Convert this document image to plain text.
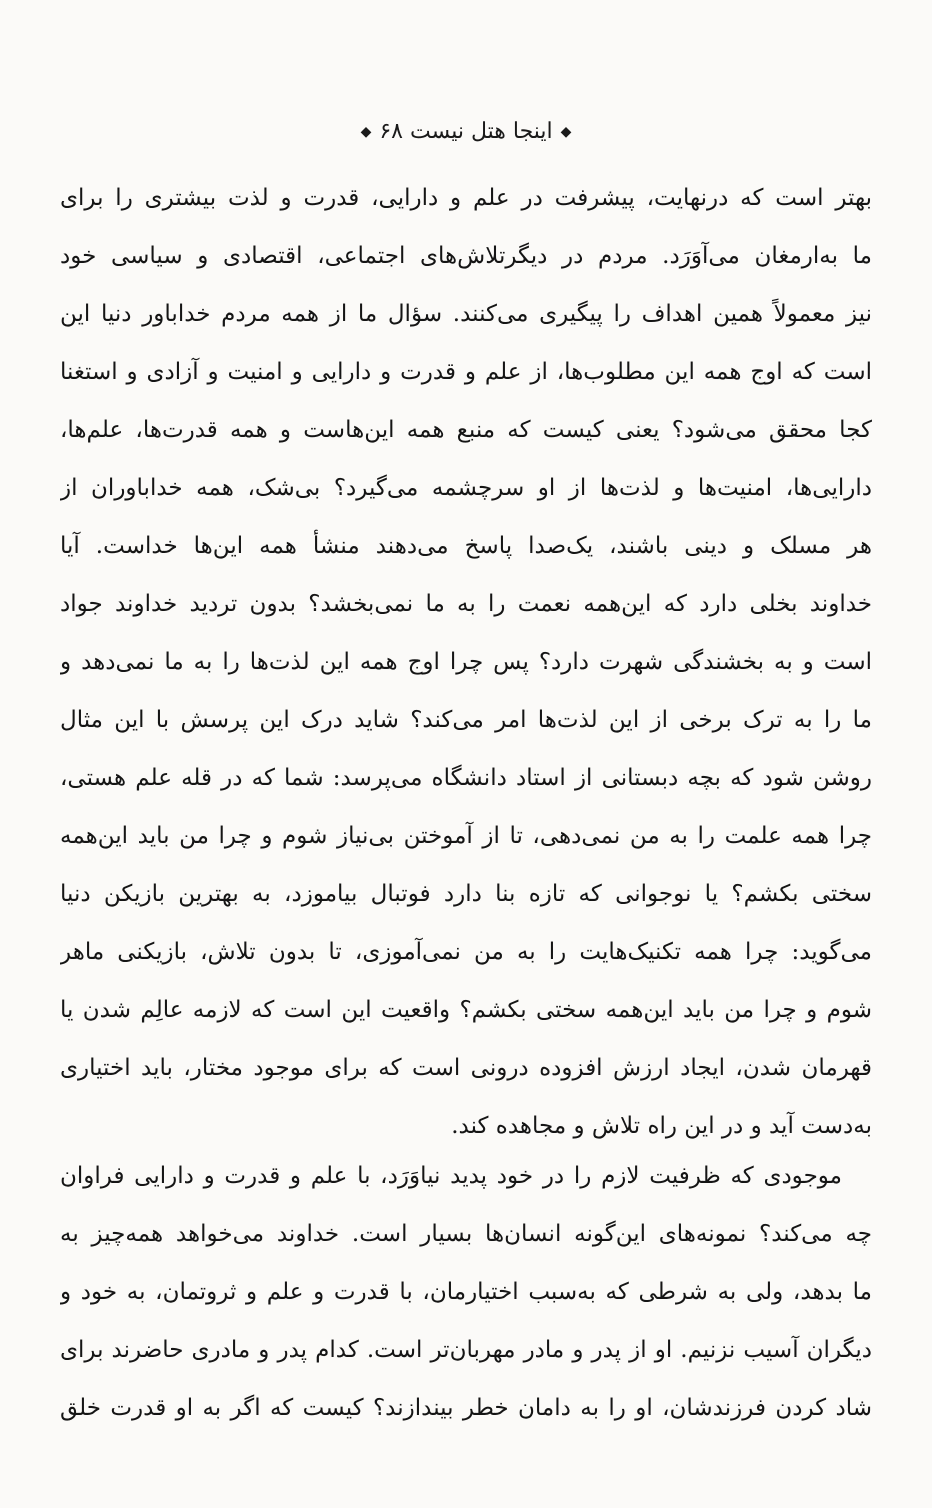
◆اینجا هتل نیست ۶۸◆
بهتر است که درنهایت، پیشرفت در علم و دارایی، قدرت و لذت بیشتری را برای
ما به‌ارمغان می‌آوَرَد. مردم در دیگرتلاش‌های اجتماعی، اقتصادی و سیاسی خود
نیز معمولاً همین اهداف را پیگیری می‌کنند. سؤال ما از همه مردم خداباور دنیا این
است که اوج همه این مطلوب‌ها، از علم و قدرت و دارایی و امنیت و آزادی و استغنا
کجا محقق می‌شود؟ یعنی کیست که منبع همه این‌هاست و همه قدرت‌ها، علم‌ها،
دارایی‌ها، امنیت‌ها و لذت‌ها از او سرچشمه می‌گیرد؟ بی‌شک، همه خداباوران از
هر مسلک و دینی باشند، یک‌صدا پاسخ می‌دهند منشأ همه این‌ها خداست. آیا
خداوند بخلی دارد که این‌همه نعمت را به ما نمی‌بخشد؟ بدون تردید خداوند جواد
است و به بخشندگی شهرت دارد؟ پس چرا اوج همه این لذت‌ها را به ما نمی‌دهد و
ما را به ترک برخی از این لذت‌ها امر می‌کند؟ شاید درک این پرسش با این مثال
روشن شود که بچه دبستانی از استاد دانشگاه می‌پرسد: شما که در قله علم هستی،
چرا همه علمت را به من نمی‌دهی، تا از آموختن بی‌نیاز شوم و چرا من باید این‌همه
سختی بکشم؟ یا نوجوانی که تازه بنا دارد فوتبال بیاموزد، به بهترین بازیکن دنیا
می‌گوید: چرا همه تکنیک‌هایت را به من نمی‌آموزی، تا بدون تلاش، بازیکنی ماهر
شوم و چرا من باید این‌همه سختی بکشم؟ واقعیت این است که لازمه عالِم شدن یا
قهرمان شدن، ایجاد ارزش افزوده درونی است که برای موجود مختار، باید اختیاری
به‌دست آید و در این راه تلاش و مجاهده کند.
موجودی که ظرفیت لازم را در خود پدید نیاوَرَد، با علم و قدرت و دارایی فراوان
چه می‌کند؟ نمونه‌های این‌گونه انسان‌ها بسیار است. خداوند می‌خواهد همه‌چیز به
ما بدهد، ولی به شرطی که به‌سبب اختیارمان، با قدرت و علم و ثروتمان، به خود و
دیگران آسیب نزنیم. او از پدر و مادر مهربان‌تر است. کدام پدر و مادری حاضرند برای
شاد کردن فرزندشان، او را به دامان خطر بیندازند؟ کیست که اگر به او قدرت خلق
